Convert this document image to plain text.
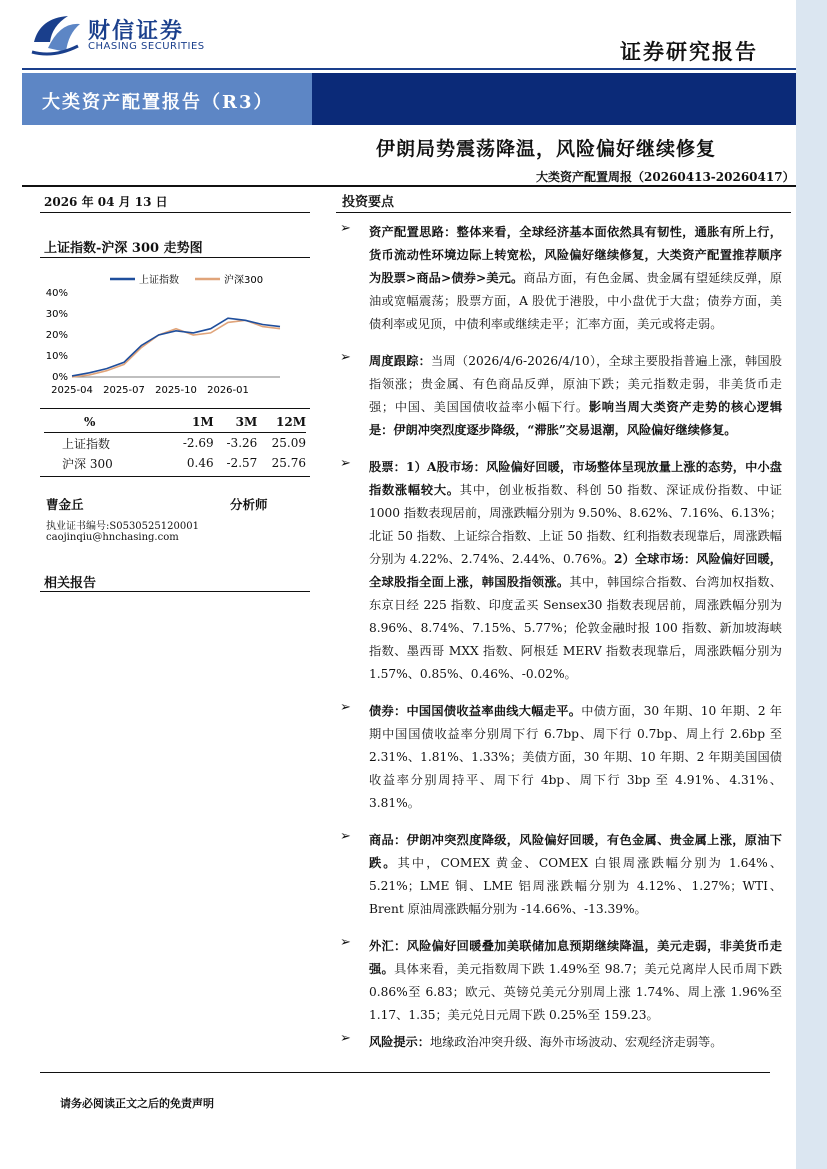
财信证券
CHASING SECURITIES	证券研究报告
大类资产配置报告（R3）
伊朗局势震荡降温，风险偏好继续修复
大类资产配置周报（20260413-20260417）
2026 年 04 月 13 日
上证指数-沪深 300 走势图
上证指数	沪深300
0%
10%
20%
30%
40%
2025-04 2025-07 2025-10 2026-01
%	1M	3M	12M
上证指数	-2.69	-3.26	25.09
沪深 300	0.46	-2.57	25.76
曹金丘	分析师
执业证书编号:S0530525120001
caojinqiu@hnchasing.com
相关报告
投资要点
➢ 资产配置思路：整体来看，全球经济基本面依然具有韧性，通胀有所上行，货币流动性环境边际上转宽松，风险偏好继续修复，大类资产配置推荐顺序为股票>商品>债券>美元。商品方面，有色金属、贵金属有望延续反弹，原油或宽幅震荡；股票方面，A 股优于港股，中小盘优于大盘；债券方面，美债利率或见顶，中债利率或继续走平；汇率方面，美元或将走弱。
➢ 周度跟踪：当周（2026/4/6-2026/4/10），全球主要股指普遍上涨，韩国股指领涨；贵金属、有色商品反弹，原油下跌；美元指数走弱，非美货币走强；中国、美国国债收益率小幅下行。影响当周大类资产走势的核心逻辑是：伊朗冲突烈度逐步降级，“滞胀”交易退潮，风险偏好继续修复。
➢ 股票：1）A股市场：风险偏好回暖，市场整体呈现放量上涨的态势，中小盘指数涨幅较大。其中，创业板指数、科创 50 指数、深证成份指数、中证 1000 指数表现居前，周涨跌幅分别为 9.50%、8.62%、7.16%、6.13%；北证 50 指数、上证综合指数、上证 50 指数、红利指数表现靠后，周涨跌幅分别为 4.22%、2.74%、2.44%、0.76%。2）全球市场：风险偏好回暖，全球股指全面上涨，韩国股指领涨。其中，韩国综合指数、台湾加权指数、东京日经 225 指数、印度孟买 Sensex30 指数表现居前，周涨跌幅分别为 8.96%、8.74%、7.15%、5.77%；伦敦金融时报 100 指数、新加坡海峡指数、墨西哥 MXX 指数、阿根廷 MERV 指数表现靠后，周涨跌幅分别为 1.57%、0.85%、0.46%、-0.02%。
➢ 债券：中国国债收益率曲线大幅走平。中债方面，30 年期、10 年期、2 年期中国国债收益率分别周下行 6.7bp、周下行 0.7bp、周上行 2.6bp 至 2.31%、1.81%、1.33%；美债方面，30 年期、10 年期、2 年期美国国债收益率分别周持平、周下行 4bp、周下行 3bp 至 4.91%、4.31%、3.81%。
➢ 商品：伊朗冲突烈度降级，风险偏好回暖，有色金属、贵金属上涨，原油下跌。其中，COMEX 黄金、COMEX 白银周涨跌幅分别为 1.64%、5.21%；LME 铜、LME 铝周涨跌幅分别为 4.12%、1.27%；WTI、Brent 原油周涨跌幅分别为 -14.66%、-13.39%。
➢ 外汇：风险偏好回暖叠加美联储加息预期继续降温，美元走弱，非美货币走强。具体来看，美元指数周下跌 1.49%至 98.7；美元兑离岸人民币周下跌 0.86%至 6.83；欧元、英镑兑美元分别周上涨 1.74%、周上涨 1.96%至 1.17、1.35；美元兑日元周下跌 0.25%至 159.23。
➢ 风险提示：地缘政治冲突升级、海外市场波动、宏观经济走弱等。
请务必阅读正文之后的免责声明
